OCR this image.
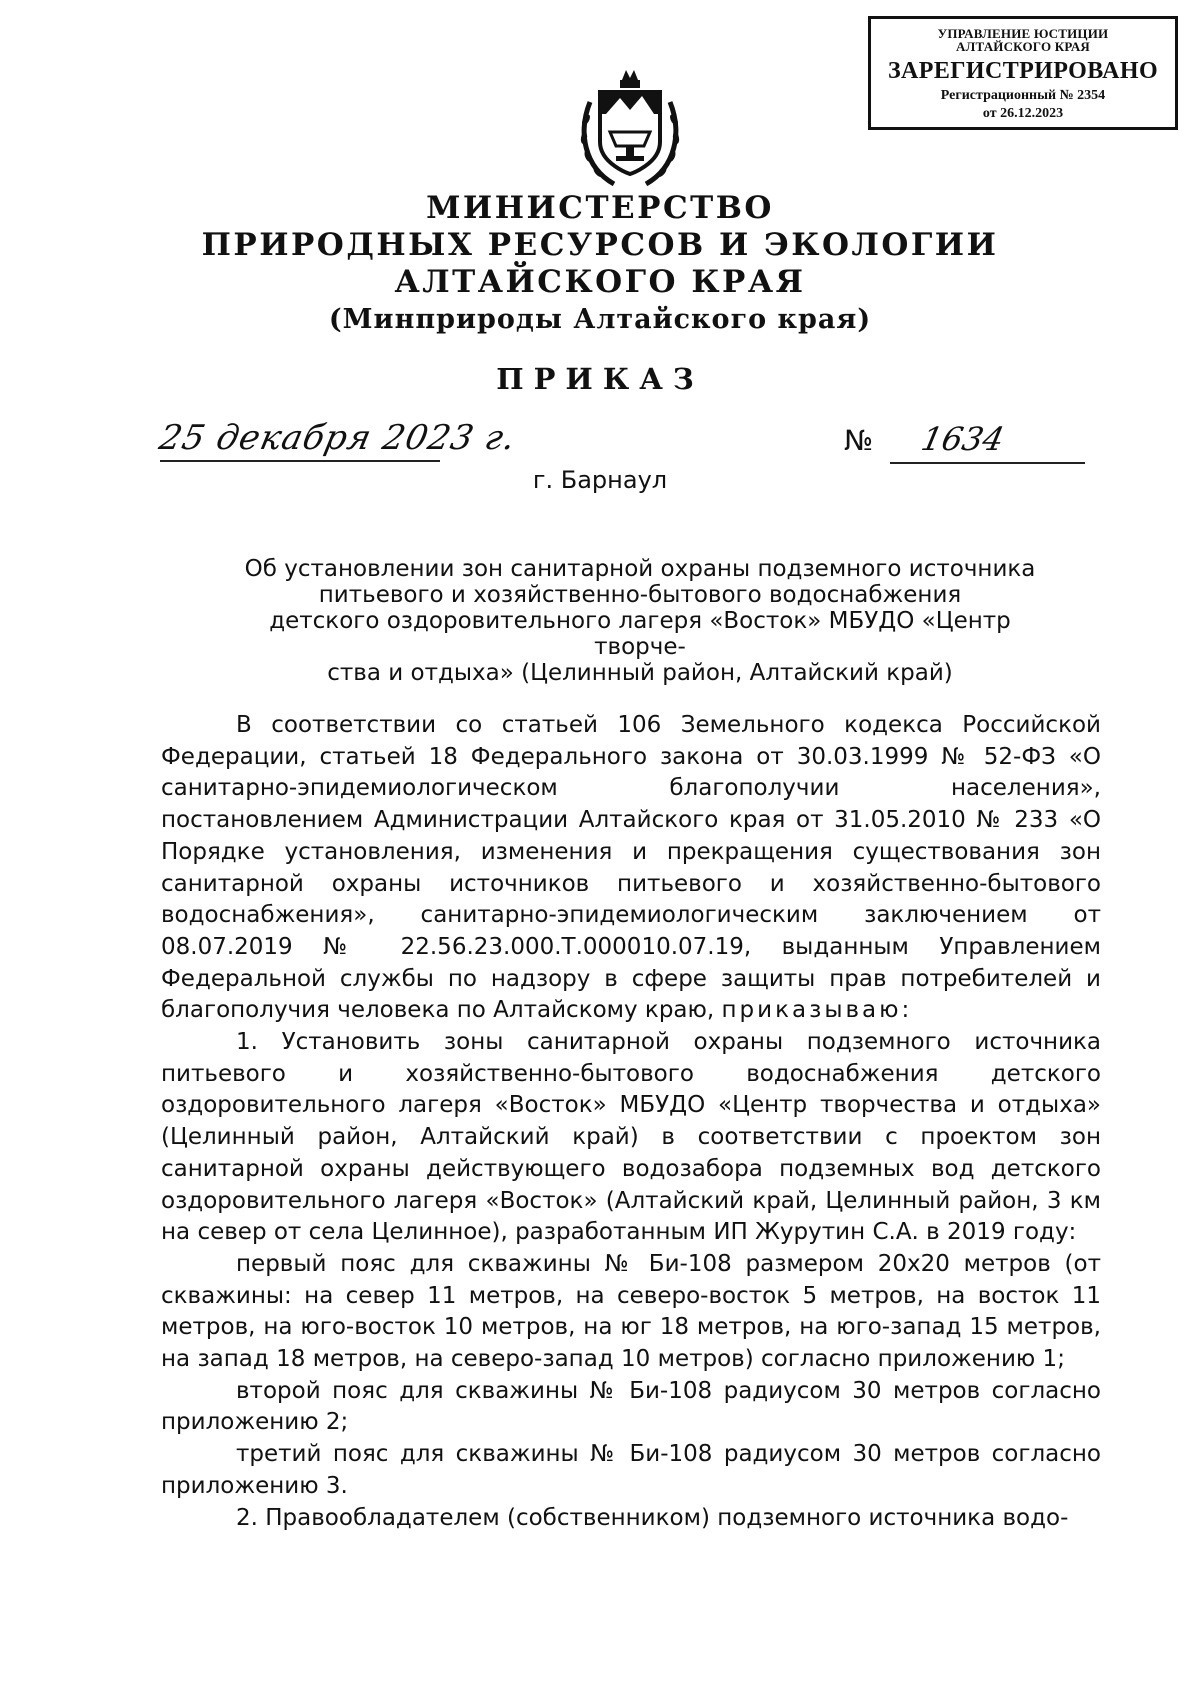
УПРАВЛЕНИЕ ЮСТИЦИИ
АЛТАЙСКОГО КРАЯ
ЗАРЕГИСТРИРОВАНО
Регистрационный № 2354
от 26.12.2023
МИНИСТЕРСТВО
ПРИРОДНЫХ РЕСУРСОВ И ЭКОЛОГИИ
АЛТАЙСКОГО КРАЯ
(Минприроды Алтайского края)
ПРИКАЗ
25 декабря 2023 г.	№ 1634
г. Барнаул
Об установлении зон санитарной охраны подземного источника
питьевого и хозяйственно-бытового водоснабжения
детского оздоровительного лагеря «Восток» МБУДО «Центр творче-
ства и отдыха» (Целинный район, Алтайский край)

В соответствии со статьей 106 Земельного кодекса Российской Федерации, статьей 18 Федерального закона от 30.03.1999 № 52-ФЗ «О санитарно-эпидемиологическом благополучии населения», постановлением Администрации Алтайского края от 31.05.2010 № 233 «О Порядке установления, изменения и прекращения существования зон санитарной охраны источников питьевого и хозяйственно-бытового водоснабжения», санитарно-эпидемиологическим заключением от 08.07.2019 № 22.56.23.000.Т.000010.07.19, выданным Управлением Федеральной службы по надзору в сфере защиты прав потребителей и благополучия человека по Алтайскому краю, приказываю:

1. Установить зоны санитарной охраны подземного источника питьевого и хозяйственно-бытового водоснабжения детского оздоровительного лагеря «Восток» МБУДО «Центр творчества и отдыха» (Целинный район, Алтайский край) в соответствии с проектом зон санитарной охраны действующего водозабора подземных вод детского оздоровительного лагеря «Восток» (Алтайский край, Целинный район, 3 км на север от села Целинное), разработанным ИП Журутин С.А. в 2019 году:

первый пояс для скважины № Би-108 размером 20х20 метров (от скважины: на север 11 метров, на северо-восток 5 метров, на восток 11 метров, на юго-восток 10 метров, на юг 18 метров, на юго-запад 15 метров, на запад 18 метров, на северо-запад 10 метров) согласно приложению 1;

второй пояс для скважины № Би-108 радиусом 30 метров согласно приложению 2;

третий пояс для скважины № Би-108 радиусом 30 метров согласно приложению 3.

2. Правообладателем (собственником) подземного источника водо-
